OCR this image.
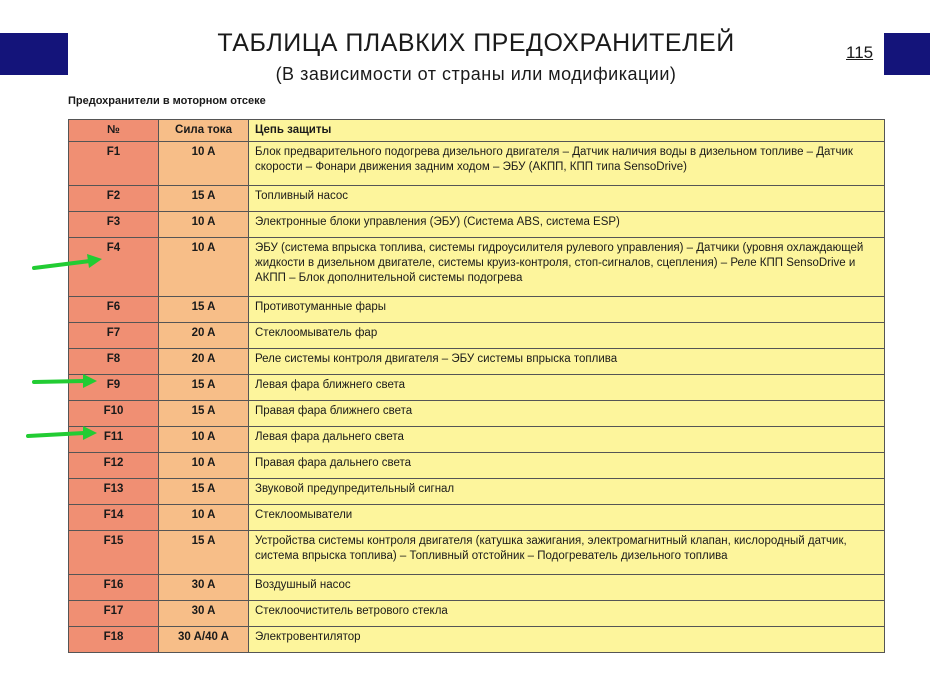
ТАБЛИЦА ПЛАВКИХ ПРЕДОХРАНИТЕЛЕЙ
(В зависимости от страны или модификации)
115
Предохранители в моторном отсеке
№	Сила тока	Цепь защиты
F1	10 A	Блок предварительного подогрева дизельного двигателя – Датчик наличия воды в дизельном топливе – Датчик скорости – Фонари движения задним ходом – ЭБУ (АКПП, КПП типа SensoDrive)
F2	15 A	Топливный насос
F3	10 A	Электронные блоки управления (ЭБУ) (Система ABS, система ESP)
F4	10 A	ЭБУ (система впрыска топлива, системы гидроусилителя рулевого управления) – Датчики (уровня охлаждающей жидкости в дизельном двигателе, системы круиз-контроля, стоп-сигналов, сцепления) – Реле КПП SensoDrive и АКПП – Блок дополнительной системы подогрева
F6	15 A	Противотуманные фары
F7	20 A	Стеклоомыватель фар
F8	20 A	Реле системы контроля двигателя – ЭБУ системы впрыска топлива
F9	15 A	Левая фара ближнего света
F10	15 A	Правая фара ближнего света
F11	10 A	Левая фара дальнего света
F12	10 A	Правая фара дальнего света
F13	15 A	Звуковой предупредительный сигнал
F14	10 A	Стеклоомыватели
F15	15 A	Устройства системы контроля двигателя (катушка зажигания, электромагнитный клапан, кислородный датчик, система впрыска топлива) – Топливный отстойник – Подогреватель дизельного топлива
F16	30 A	Воздушный насос
F17	30 A	Стеклоочиститель ветрового стекла
F18	30 A/40 A	Электровентилятор
